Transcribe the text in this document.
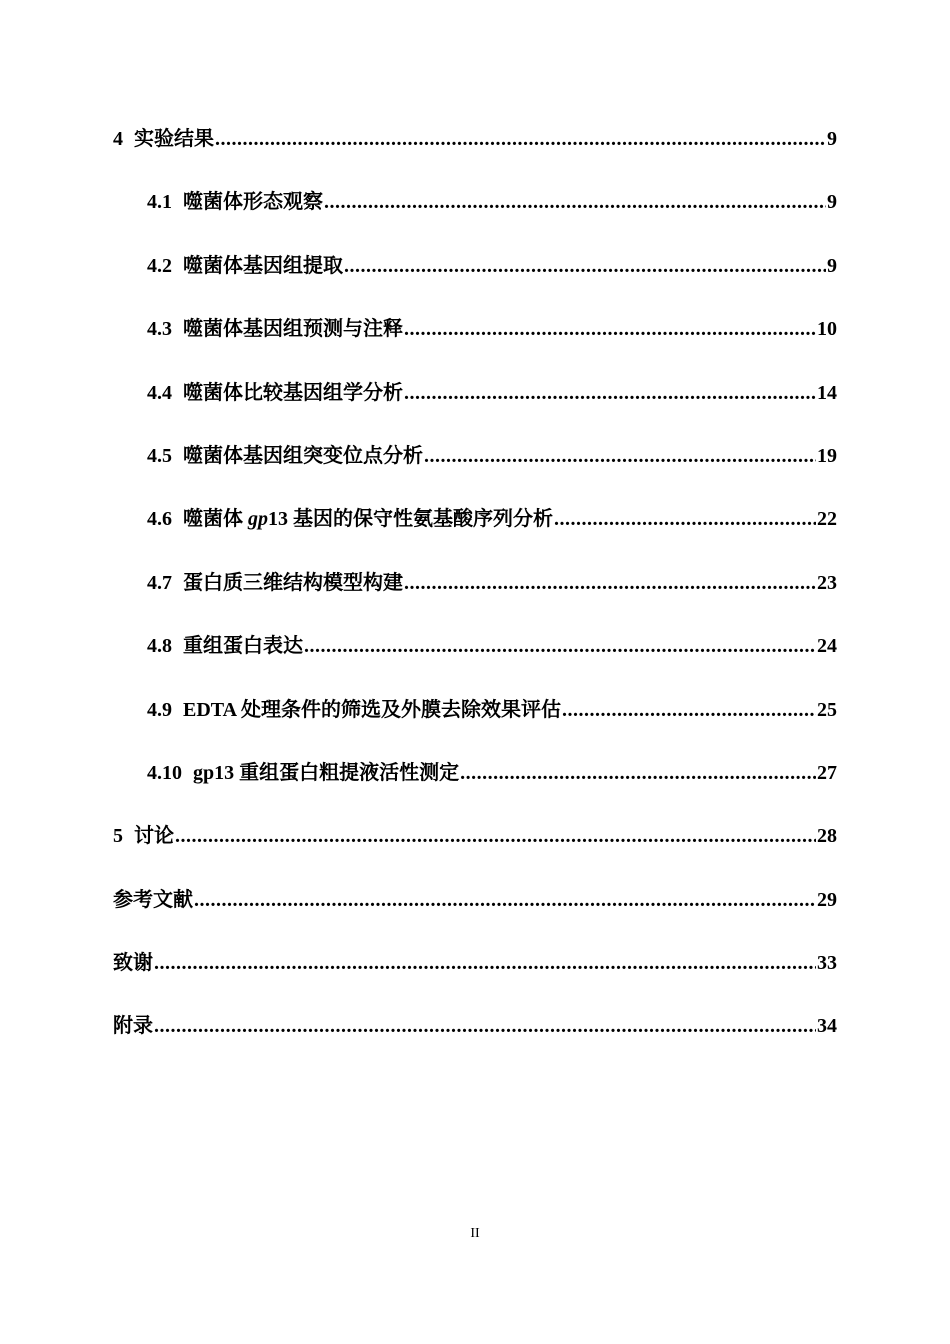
4 实验结果 .....	9
4.1 噬菌体形态观察 .....	9
4.2 噬菌体基因组提取 .....	9
4.3 噬菌体基因组预测与注释 .....	10
4.4 噬菌体比较基因组学分析 .....	14
4.5 噬菌体基因组突变位点分析 .....	19
4.6 噬菌体 gp13 基因的保守性氨基酸序列分析 .....	22
4.7 蛋白质三维结构模型构建 .....	23
4.8 重组蛋白表达 .....	24
4.9 EDTA 处理条件的筛选及外膜去除效果评估 .....	25
4.10 gp13 重组蛋白粗提液活性测定 .....	27
5 讨论 .....	28
参考文献 .....	29
致谢 .....	33
附录 .....	34
II
